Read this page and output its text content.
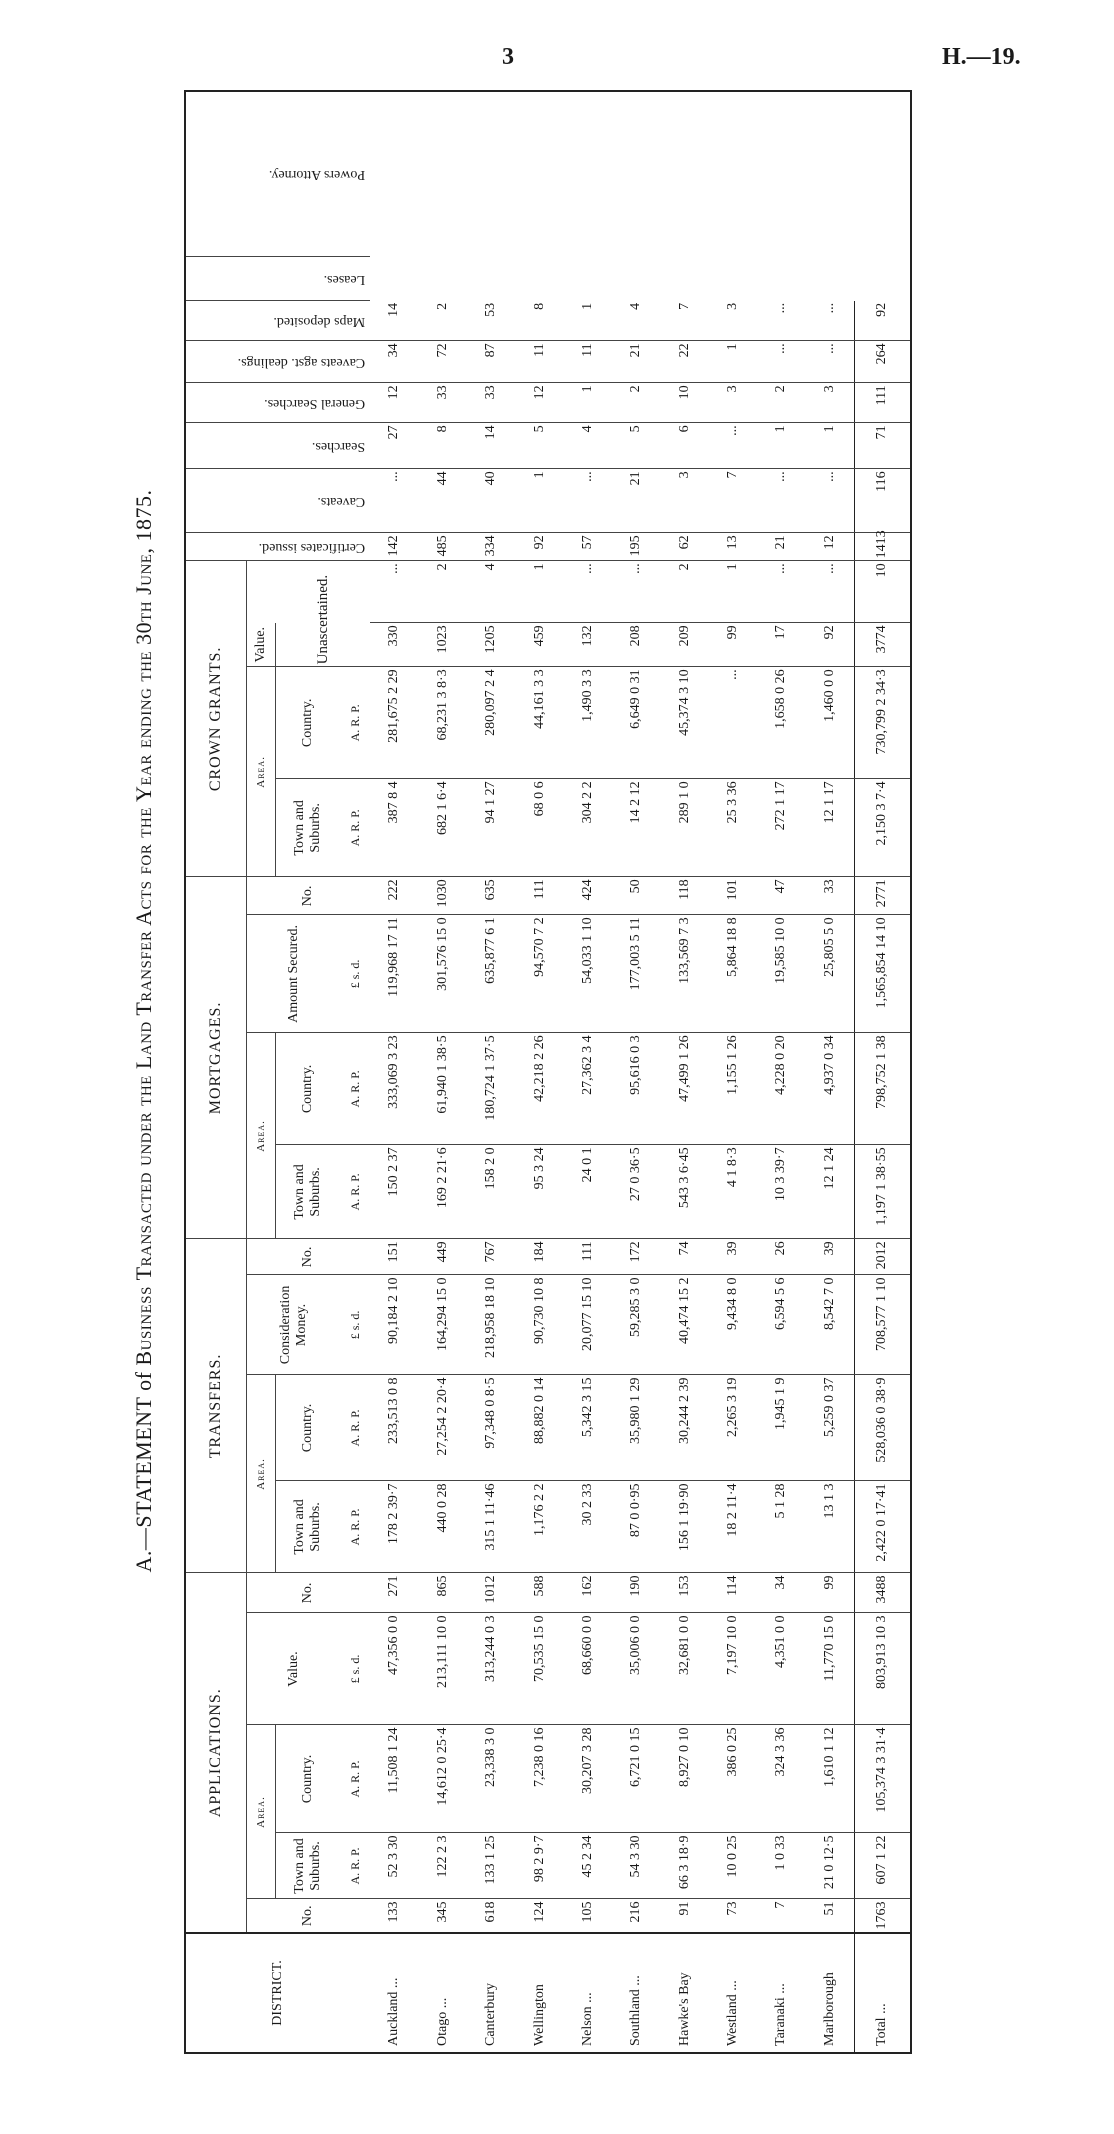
3	H.—19.
A.—STATEMENT of Business Transacted under the Land Transfer Acts for the Year ending the 30th June, 1875.
DISTRICT.	APPLICATIONS.					TRANSFERS.				MORTGAGES.				CROWN GRANTS.				Certificates issued.	Caveats.	Searches.	General Searches.	Caveats agst. dealings.	Maps deposited.	Leases.	Powers Attorney.
	No.	Area.		Value.	No.	Area.		Consideration Money.	No.	Area.		Amount Secured.	No.	Area.		Value.									
		Town and Suburbs.	Country.			Town and Suburbs.	Country.			Town and Suburbs.	Country.			Town and Suburbs.	Country.	Unascertained.									
		A. R. P.	A. R. P.	£ s. d.		A. R. P.	A. R. P.	£ s. d.		A. R. P.	A. R. P.	£ s. d.		A. R. P.	A. R. P.										
Auckland ...	133	52 3 30	11,508 1 24	47,356 0 0	271	178 2 39·7	233,513 0 8	90,184 2 10	151	150 2 37	333,069 3 23	119,968 17 11	222	387 8 4	281,675 2 29	330	...	142	...	27	12	34	14		
Otago ...	345	122 2 3	14,612 0 25·4	213,111 10 0	865	440 0 28	27,254 2 20·4	164,294 15 0	449	169 2 21·6	61,940 1 38·5	301,576 15 0	1030	682 1 6·4	68,231 3 8·3	1023	2	485	44	8	33	72	2		
Canterbury	618	133 1 25	23,338 3 0	313,244 0 3	1012	315 1 11·46	97,348 0 8·5	218,958 18 10	767	158 2 0	180,724 1 37·5	635,877 6 1	635	94 1 27	280,097 2 4	1205	4	334	40	14	33	87	53		
Wellington	124	98 2 9·7	7,238 0 16	70,535 15 0	588	1,176 2 2	88,882 0 14	90,730 10 8	184	95 3 24	42,218 2 26	94,570 7 2	111	68 0 6	44,161 3 3	459	1	92	1	5	12	11	8		
Nelson ...	105	45 2 34	30,207 3 28	68,660 0 0	162	30 2 33	5,342 3 15	20,077 15 10	111	24 0 1	27,362 3 4	54,033 1 10	424	304 2 2	1,490 3 3	132	...	57	...	4	1	11	1		
Southland ...	216	54 3 30	6,721 0 15	35,006 0 0	190	87 0 0·95	35,980 1 29	59,285 3 0	172	27 0 36·5	95,616 0 3	177,003 5 11	50	14 2 12	6,649 0 31	208	...	195	21	5	2	21	4		
Hawke's Bay	91	66 3 18·9	8,927 0 10	32,681 0 0	153	156 1 19·90	30,244 2 39	40,474 15 2	74	543 3 6·45	47,499 1 26	133,569 7 3	118	289 1 0	45,374 3 10	209	2	62	3	6	10	22	7		
Westland ...	73	10 0 25	386 0 25	7,197 10 0	114	18 2 11·4	2,265 3 19	9,434 8 0	39	4 1 8·3	1,155 1 26	5,864 18 8	101	25 3 36	...	99	1	13	7	...	3	1	3		
Taranaki ...	7	1 0 33	324 3 36	4,351 0 0	34	5 1 28	1,945 1 9	6,594 5 6	26	10 3 39·7	4,228 0 20	19,585 10 0	47	272 1 17	1,658 0 26	17	...	21	...	1	2	...	...		
Marlborough	51	21 0 12·5	1,610 1 12	11,770 15 0	99	13 1 3	5,259 0 37	8,542 7 0	39	12 1 24	4,937 0 34	25,805 5 0	33	12 1 17	1,460 0 0	92	...	12	...	1	3	...	...		
Total ...	1763	607 1 22	105,374 3 31·4	803,913 10 3	3488	2,422 0 17·41	528,036 0 38·9	708,577 1 10	2012	1,197 1 38·55	798,752 1 38	1,565,854 14 10	2771	2,150 3 7·4	730,799 2 34·3	3774	10	1413	116	71	111	264	92		
